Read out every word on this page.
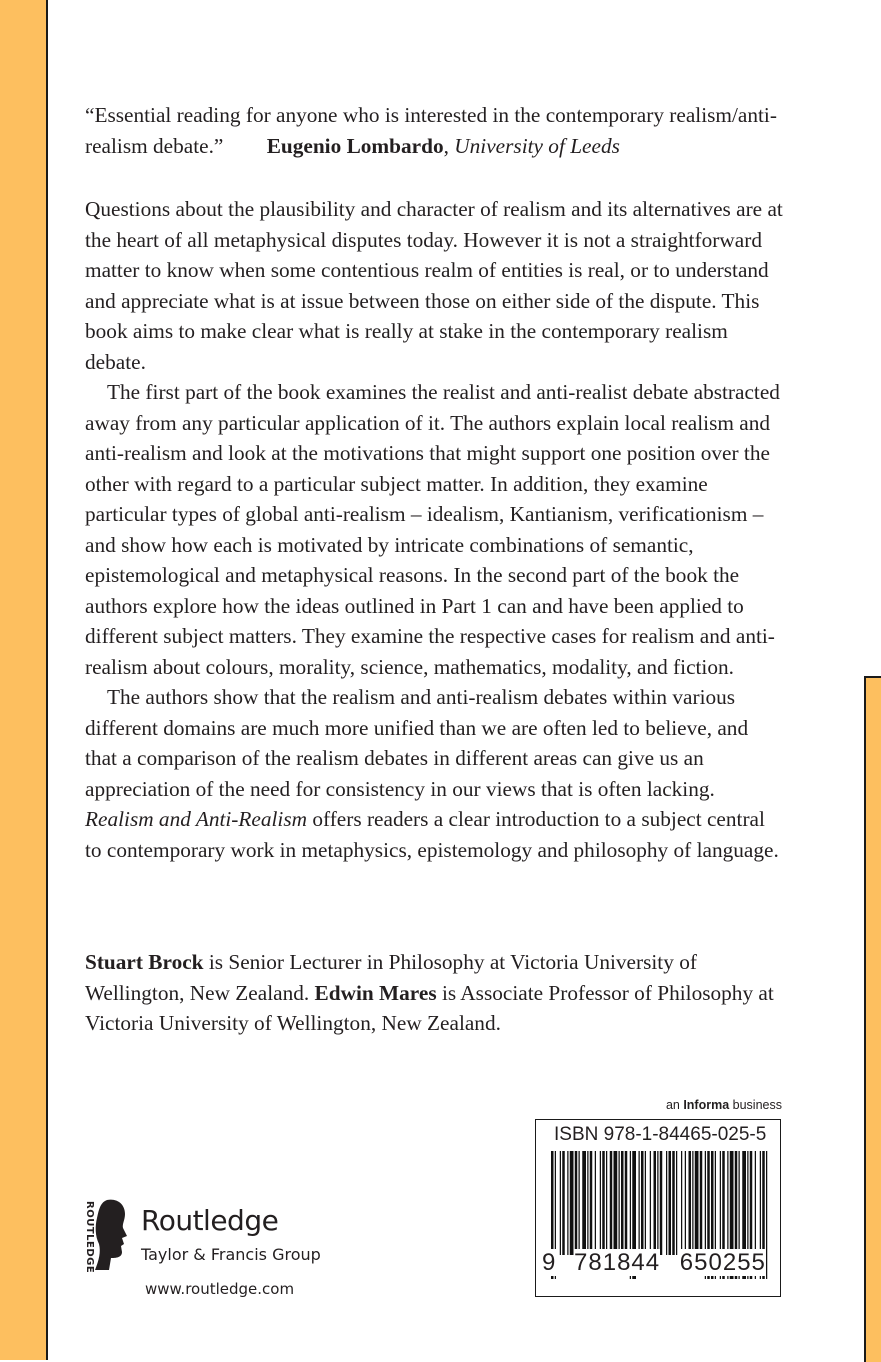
“Essential reading for anyone who is interested in the contemporary realism/anti-realism debate.” Eugenio Lombardo, University of Leeds

Questions about the plausibility and character of realism and its alternatives are at the heart of all metaphysical disputes today. However it is not a straightforward matter to know when some contentious realm of entities is real, or to understand and appreciate what is at issue between those on either side of the dispute. This book aims to make clear what is really at stake in the contemporary realism debate.

The first part of the book examines the realist and anti-realist debate abstracted away from any particular application of it. The authors explain local realism and anti-realism and look at the motivations that might support one position over the other with regard to a particular subject matter. In addition, they examine particular types of global anti-realism – idealism, Kantianism, verificationism – and show how each is motivated by intricate combinations of semantic, epistemological and metaphysical reasons. In the second part of the book the authors explore how the ideas outlined in Part 1 can and have been applied to different subject matters. They examine the respective cases for realism and anti-realism about colours, morality, science, mathematics, modality, and fiction.

The authors show that the realism and anti-realism debates within various different domains are much more unified than we are often led to believe, and that a comparison of the realism debates in different areas can give us an appreciation of the need for consistency in our views that is often lacking. Realism and Anti-Realism offers readers a clear introduction to a subject central to contemporary work in metaphysics, epistemology and philosophy of language.

Stuart Brock is Senior Lecturer in Philosophy at Victoria University of Wellington, New Zealand. Edwin Mares is Associate Professor of Philosophy at Victoria University of Wellington, New Zealand.

ROUTLEDGE Routledge
Taylor & Francis Group
www.routledge.com
an Informa business
ISBN 978-1-84465-025-5
9 781844 650255
